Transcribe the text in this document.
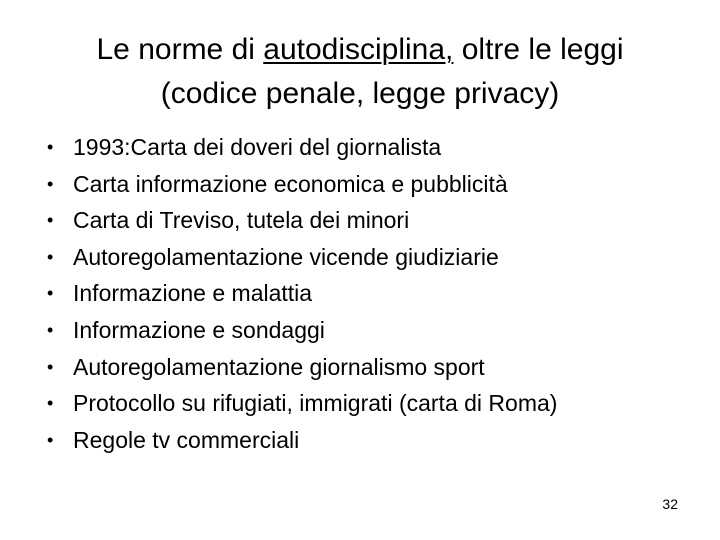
Le norme di autodisciplina, oltre le leggi
(codice penale, legge privacy)
• 1993:Carta dei doveri del giornalista
• Carta informazione economica e pubblicità
• Carta di Treviso, tutela dei minori
• Autoregolamentazione vicende giudiziarie
• Informazione e malattia
• Informazione e sondaggi
• Autoregolamentazione giornalismo sport
• Protocollo su rifugiati, immigrati (carta di Roma)
• Regole tv commerciali
32
